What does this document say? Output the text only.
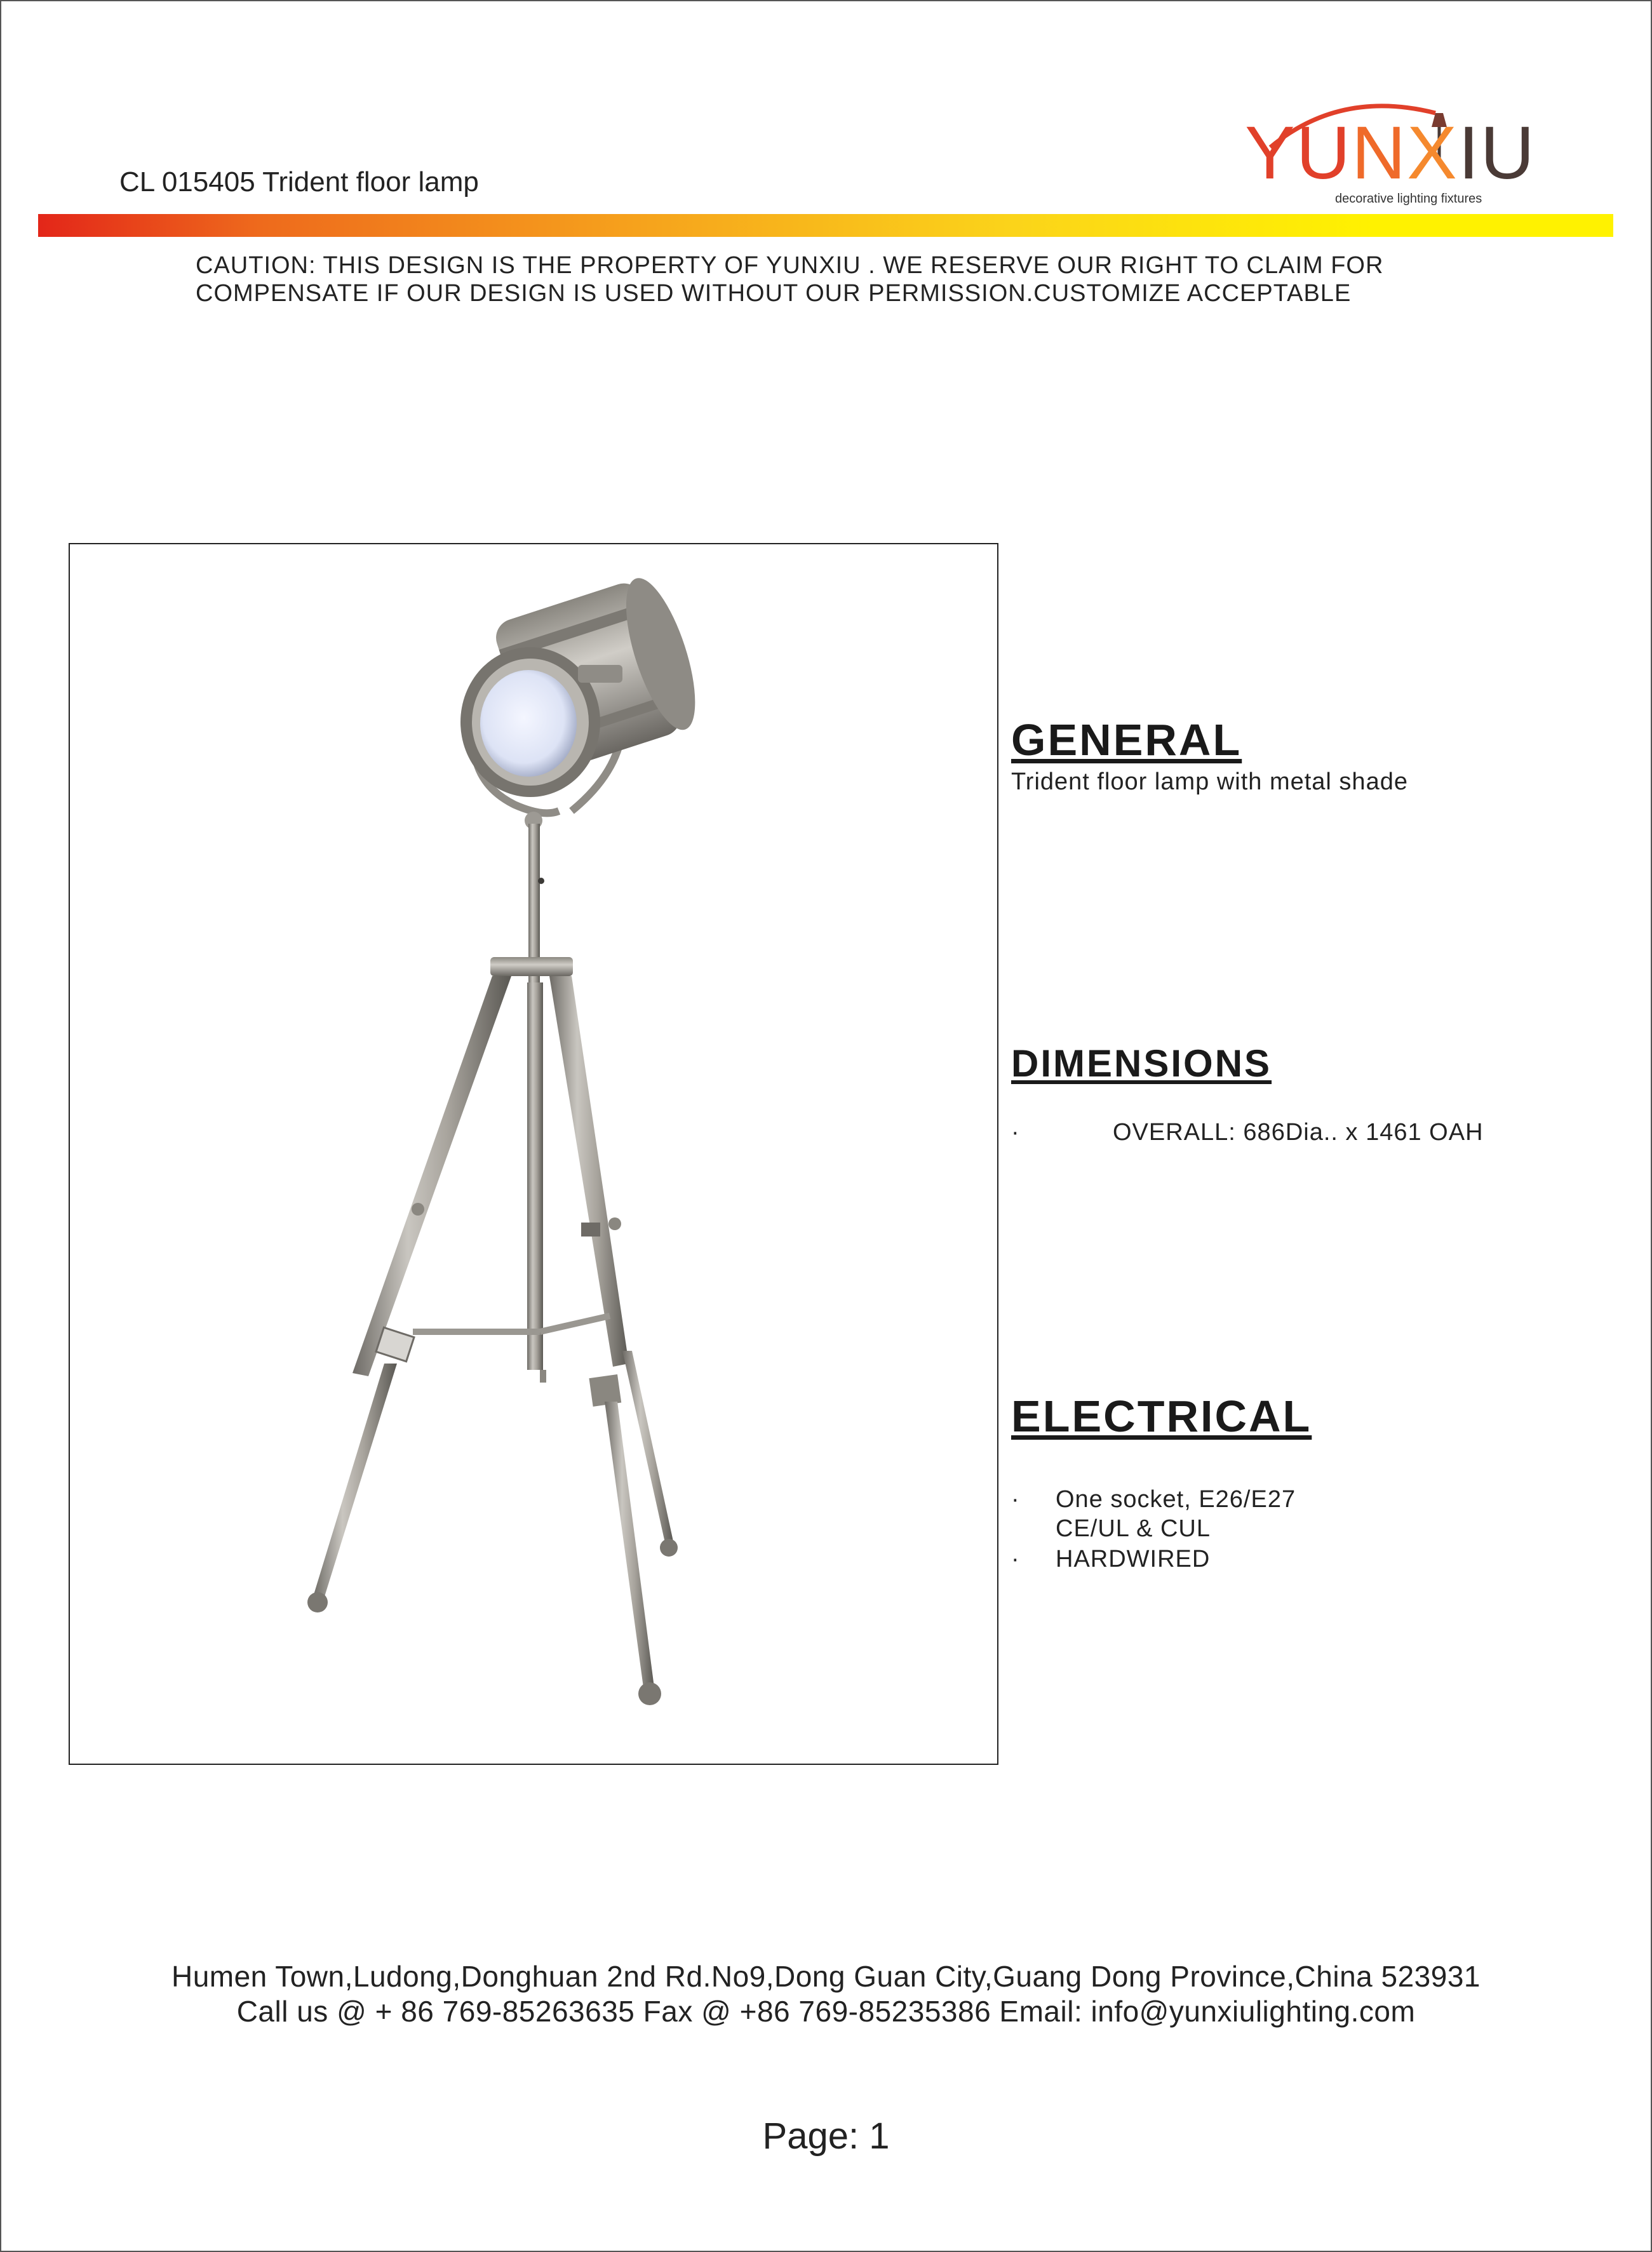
CL 015405 Trident floor lamp	YUNXIU
decorative lighting fixtures
CAUTION: THIS DESIGN IS THE PROPERTY OF YUNXIU . WE RESERVE OUR RIGHT TO CLAIM FOR
COMPENSATE IF OUR DESIGN IS USED WITHOUT OUR PERMISSION.CUSTOMIZE ACCEPTABLE
GENERAL
Trident floor lamp with metal shade
DIMENSIONS
·	OVERALL: 686Dia.. x 1461 OAH
ELECTRICAL
· One socket, E26/E27
CE/UL & CUL
· HARDWIRED
Humen Town,Ludong,Donghuan 2nd Rd.No9,Dong Guan City,Guang Dong Province,China 523931
Call us @ + 86 769-85263635 Fax @ +86 769-85235386 Email: info@yunxiulighting.com
Page: 1
